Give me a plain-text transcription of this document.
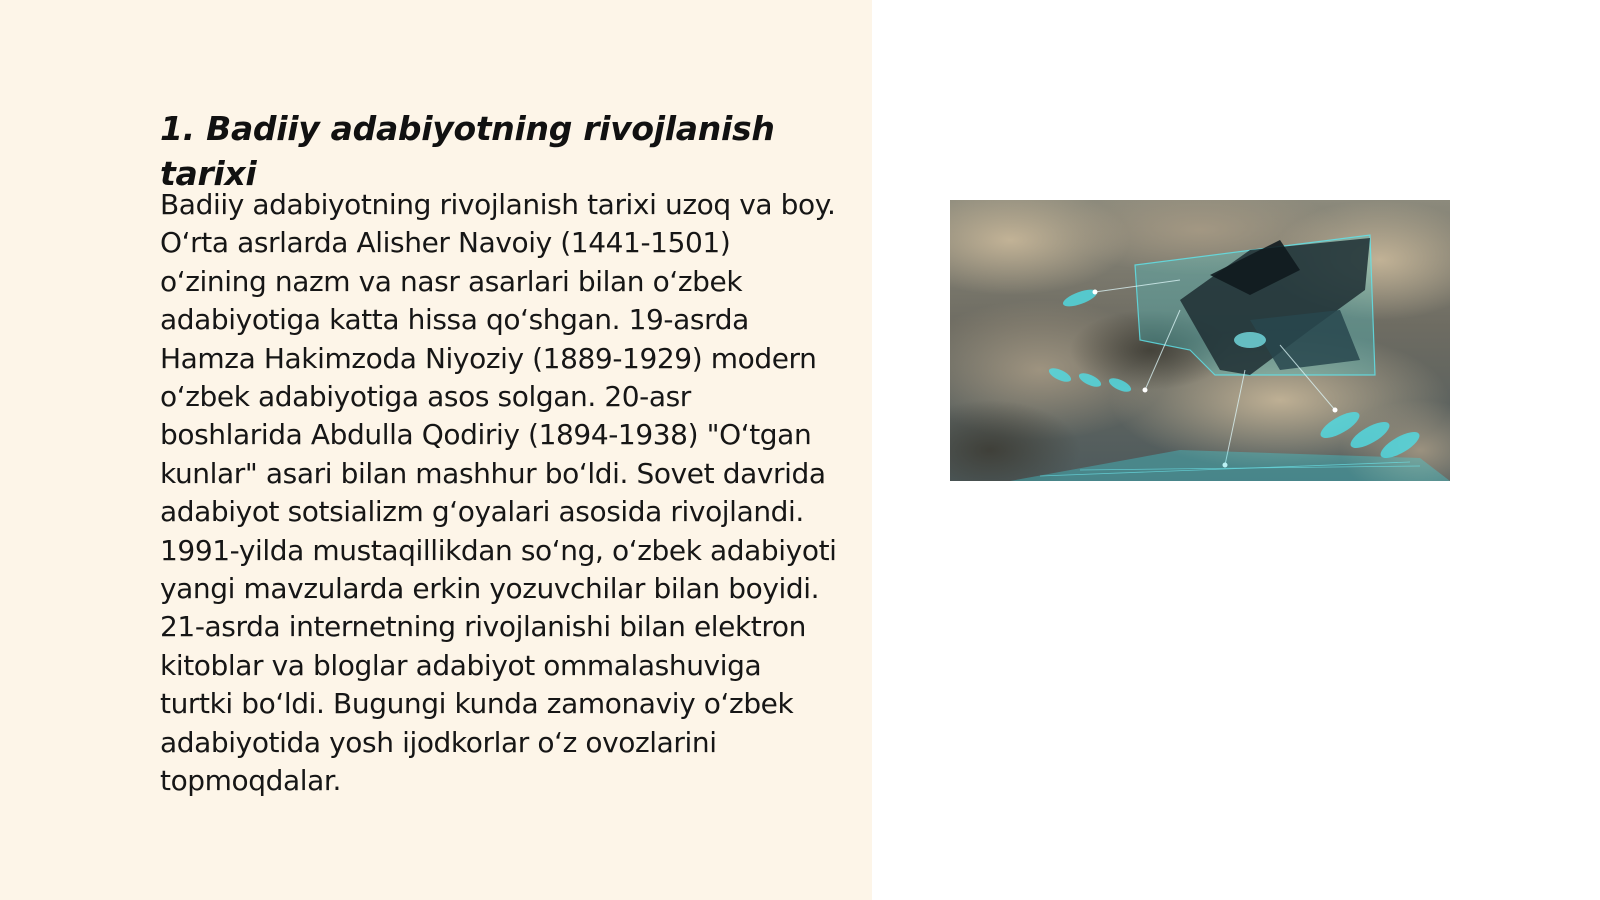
1. Badiiy adabiyotning rivojlanish tarixi

Badiiy adabiyotning rivojlanish tarixi uzoq va boy. O‘rta asrlarda Alisher Navoiy (1441-1501) o‘zining nazm va nasr asarlari bilan o‘zbek adabiyotiga katta hissa qo‘shgan. 19-asrda Hamza Hakimzoda Niyoziy (1889-1929) modern o‘zbek adabiyotiga asos solgan. 20-asr boshlarida Abdulla Qodiriy (1894-1938) "O‘tgan kunlar" asari bilan mashhur bo‘ldi. Sovet davrida adabiyot sotsializm g‘oyalari asosida rivojlandi. 1991-yilda mustaqillikdan so‘ng, o‘zbek adabiyoti yangi mavzularda erkin yozuvchilar bilan boyidi. 21-asrda internetning rivojlanishi bilan elektron kitoblar va bloglar adabiyot ommalashuviga turtki bo‘ldi. Bugungi kunda zamonaviy o‘zbek adabiyotida yosh ijodkorlar o‘z ovozlarini topmoqdalar.
